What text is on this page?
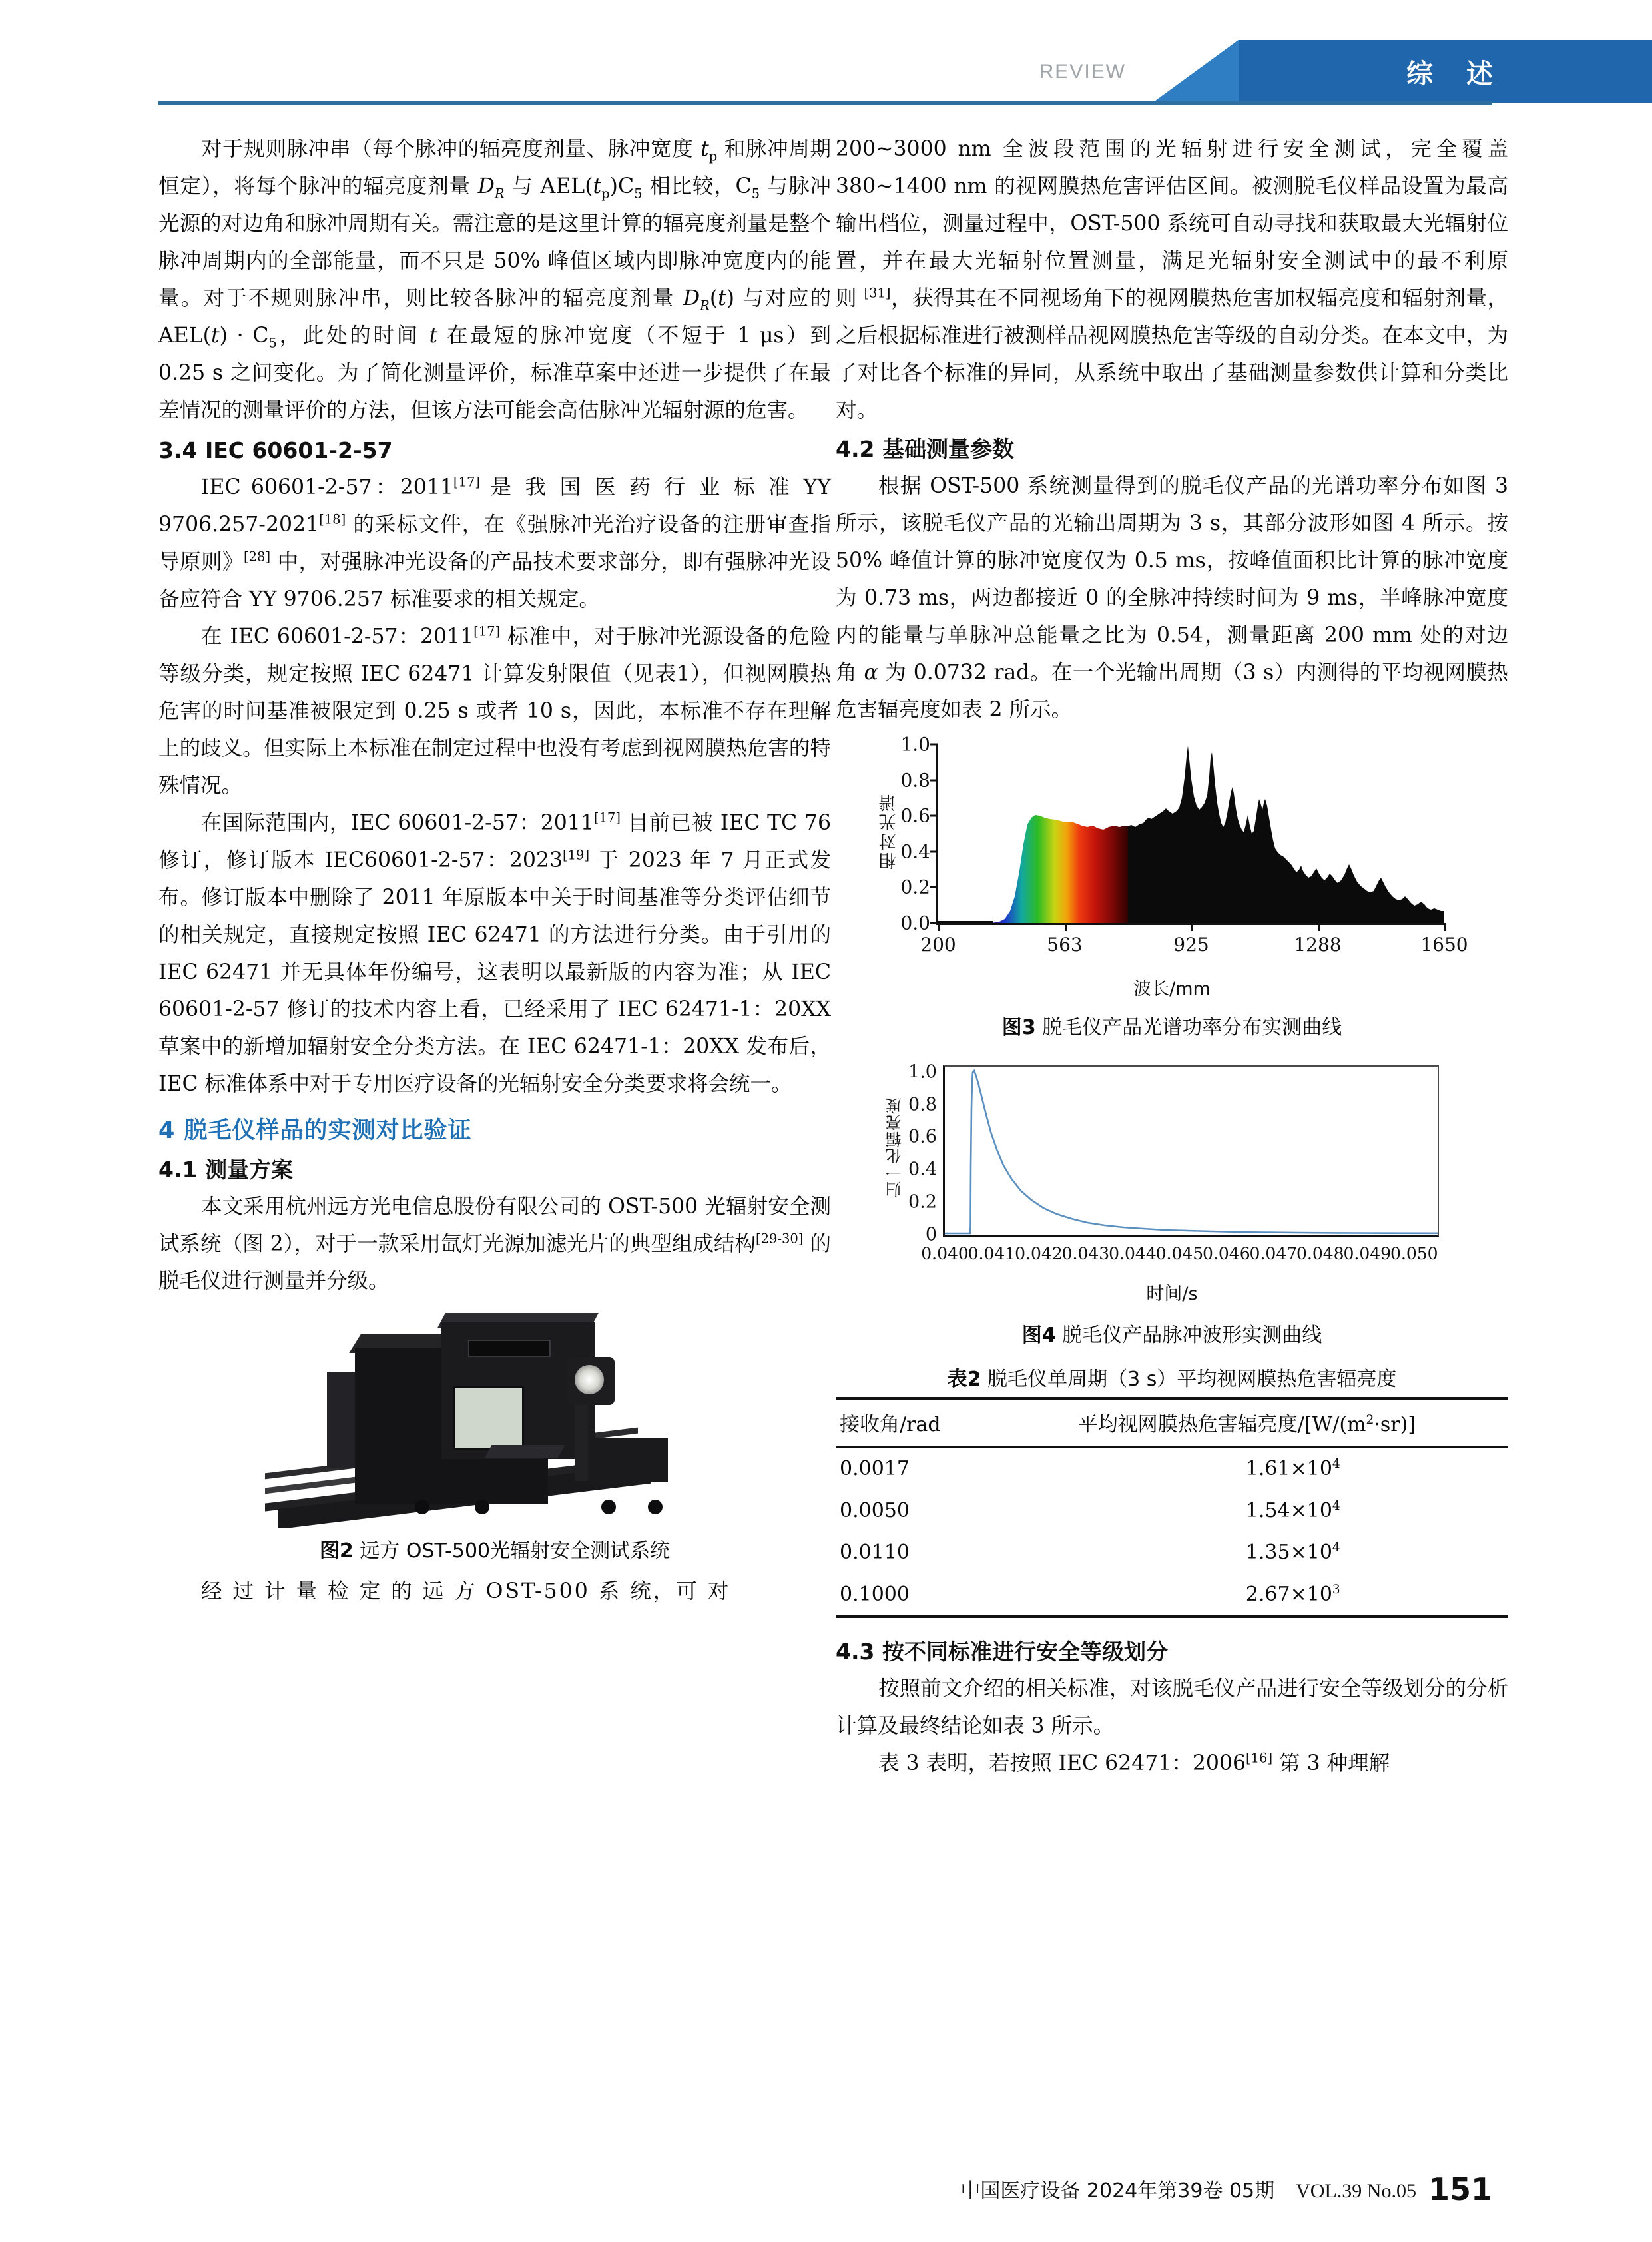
REVIEW	综 述

对于规则脉冲串（每个脉冲的辐亮度剂量、脉冲宽度 $t_p$ 和脉冲周期恒定），将每个脉冲的辐亮度剂量 $D_R$ 与 $AEL(t_p)C_5$ 相比较，$C_5$ 与脉冲光源的对边角和脉冲周期有关。需注意的是这里计算的辐亮度剂量是整个脉冲周期内的全部能量，而不只是 50% 峰值区域内即脉冲宽度内的能量。对于不规则脉冲串，则比较各脉冲的辐亮度剂量 $D_R(t)$ 与对应的 $AEL(t) \cdot C_5$，此处的时间 t 在最短的脉冲宽度（不短于 1 μs）到 0.25 s 之间变化。为了简化测量评价，标准草案中还进一步提供了在最差情况的测量评价的方法，但该方法可能会高估脉冲光辐射源的危害。

3.4 IEC 60601-2-57

IEC 60601-2-57：2011[17] 是 我 国 医 药 行 业 标 准 YY 9706.257-2021[18] 的采标文件，在《强脉冲光治疗设备的注册审查指导原则》[28] 中，对强脉冲光设备的产品技术要求部分，即有强脉冲光设备应符合 YY 9706.257 标准要求的相关规定。

在 IEC 60601-2-57：2011[17] 标准中，对于脉冲光源设备的危险等级分类，规定按照 IEC 62471 计算发射限值（见表1），但视网膜热危害的时间基准被限定到 0.25 s 或者 10 s，因此，本标准不存在理解上的歧义。但实际上本标准在制定过程中也没有考虑到视网膜热危害的特殊情况。

在国际范围内，IEC 60601-2-57：2011[17] 目前已被 IEC TC 76 修订，修订版本 IEC60601-2-57：2023[19] 于 2023 年 7 月正式发布。修订版本中删除了 2011 年原版本中关于时间基准等分类评估细节的相关规定，直接规定按照 IEC 62471 的方法进行分类。由于引用的 IEC 62471 并无具体年份编号，这表明以最新版的内容为准；从 IEC 60601-2-57 修订的技术内容上看，已经采用了 IEC 62471-1：20XX 草案中的新增加辐射安全分类方法。在 IEC 62471-1：20XX 发布后，IEC 标准体系中对于专用医疗设备的光辐射安全分类要求将会统一。

4 脱毛仪样品的实测对比验证
4.1 测量方案

本文采用杭州远方光电信息股份有限公司的 OST-500 光辐射安全测试系统（图 2），对于一款采用氙灯光源加滤光片的典型组成结构[29-30] 的脱毛仪进行测量并分级。

图2 远方 OST-500光辐射安全测试系统

经 过 计 量 检 定 的 远 方 OST-500 系 统，可 对

200~3000 nm 全波段范围的光辐射进行安全测试，完全覆盖 380~1400 nm 的视网膜热危害评估区间。被测脱毛仪样品设置为最高输出档位，测量过程中，OST-500 系统可自动寻找和获取最大光辐射位置，并在最大光辐射位置测量，满足光辐射安全测试中的最不利原则 [31]，获得其在不同视场角下的视网膜热危害加权辐亮度和辐射剂量，之后根据标准进行被测样品视网膜热危害等级的自动分类。在本文中，为了对比各个标准的异同，从系统中取出了基础测量参数供计算和分类比对。

4.2 基础测量参数

根据 OST-500 系统测量得到的脱毛仪产品的光谱功率分布如图 3 所示，该脱毛仪产品的光输出周期为 3 s，其部分波形如图 4 所示。按 50% 峰值计算的脉冲宽度仅为 0.5 ms，按峰值面积比计算的脉冲宽度为 0.73 ms，两边都接近 0 的全脉冲持续时间为 9 ms，半峰脉冲宽度内的能量与单脉冲总能量之比为 0.54，测量距离 200 mm 处的对边角 α 为 0.0732 rad。在一个光输出周期（3 s）内测得的平均视网膜热危害辐亮度如表 2 所示。

相对光谱
0.0
0.2
0.4
0.6
0.8
1.0
200	563	925	1288	1650
波长/mm

图3 脱毛仪产品光谱功率分布实测曲线

归一化辐亮度
0
0.2
0.4
0.6
0.8
1.0
0.040
0.041
0.042
0.043
0.044
0.045
0.046
0.047
0.048
0.049
0.050
时间/s

图4 脱毛仪产品脉冲波形实测曲线

表2 脱毛仪单周期（3 s）平均视网膜热危害辐亮度

接收角/rad	平均视网膜热危害辐亮度$/[W/(m^2\cdot sr)]$
0.0017	$1.61\times 10^4$
0.0050	$1.54\times 10^4$
0.0110	$1.35\times 10^4$
0.1000	$2.67\times 10^3$
4.3 按不同标准进行安全等级划分

按照前文介绍的相关标准，对该脱毛仪产品进行安全等级划分的分析计算及最终结论如表 3 所示。

表 3 表明，若按照 IEC 62471：2006[16] 第 3 种理解

中国医疗设备 2024年第39卷 05期 VOL.39 No.05 151
